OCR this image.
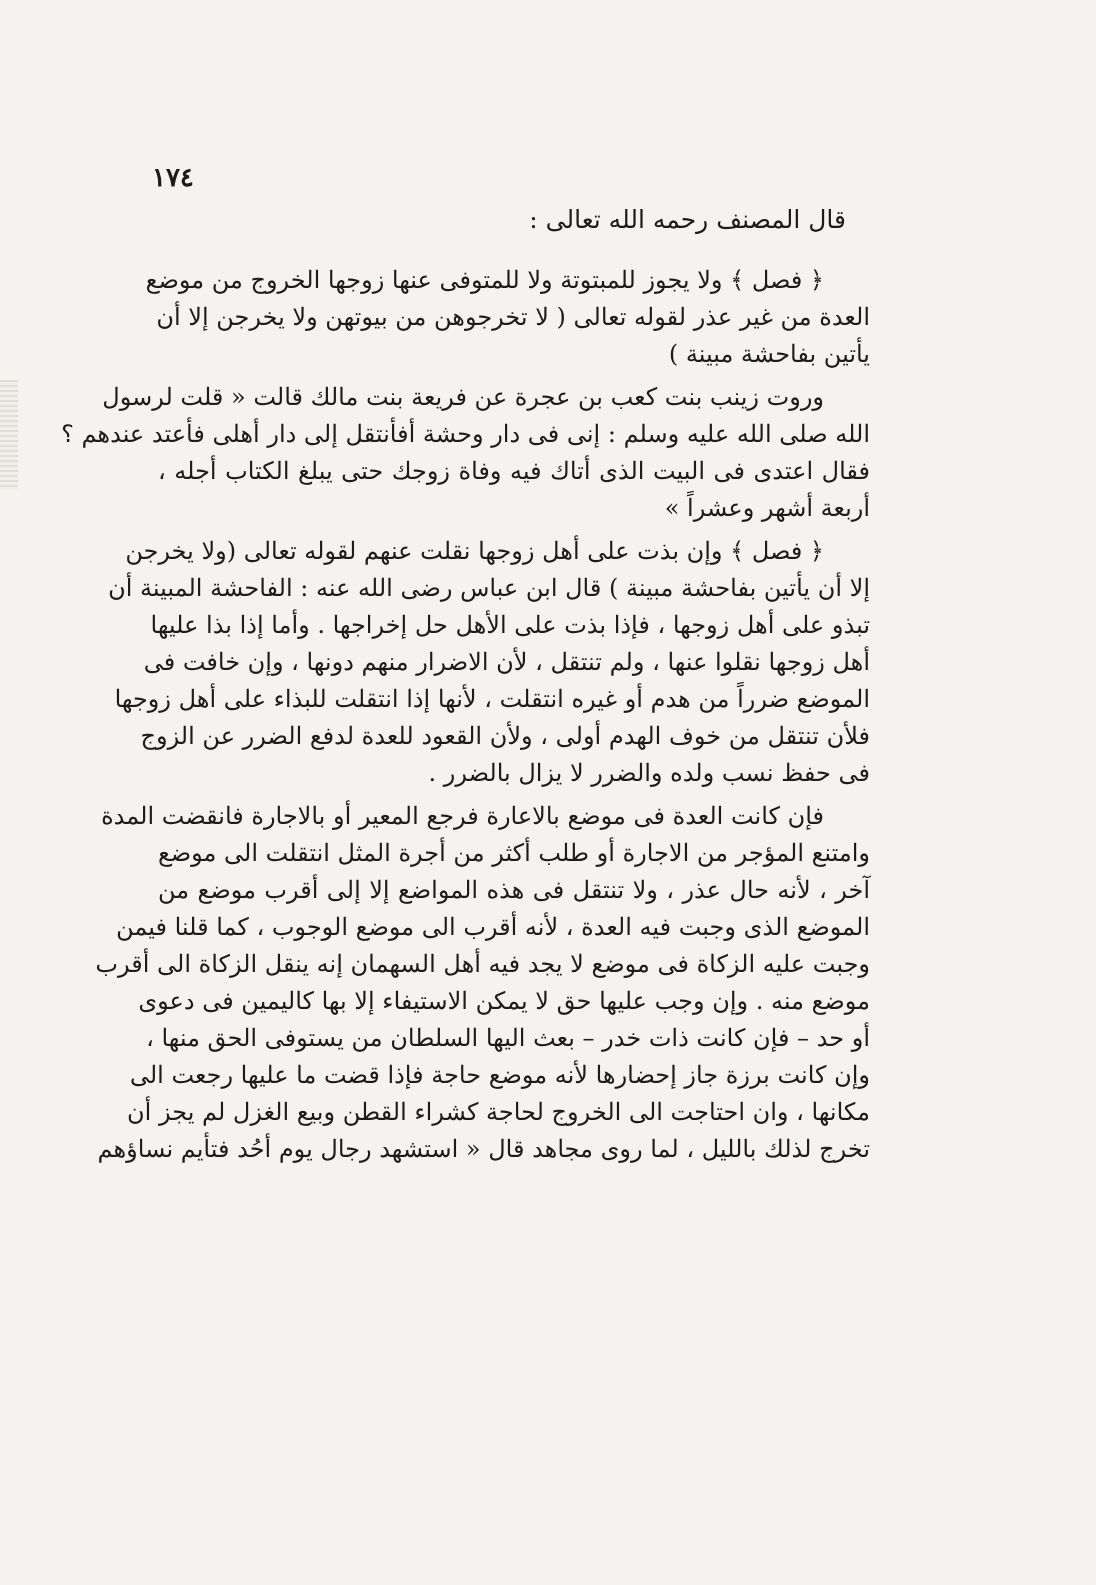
١٧٤
قال المصنف رحمه الله تعالى :
﴿ فصل ﴾ ولا يجوز للمبتوتة ولا للمتوفى عنها زوجها الخروج من موضع
العدة من غير عذر لقوله تعالى ( لا تخرجوهن من بيوتهن ولا يخرجن إلا أن
يأتين بفاحشة مبينة )
وروت زينب بنت كعب بن عجرة عن فريعة بنت مالك قالت « قلت لرسول
الله صلى الله عليه وسلم : إنى فى دار وحشة أفأنتقل إلى دار أهلى فأعتد عندهم ؟
فقال اعتدى فى البيت الذى أتاك فيه وفاة زوجك حتى يبلغ الكتاب أجله ،
أربعة أشهر وعشراً »
﴿ فصل ﴾ وإن بذت على أهل زوجها نقلت عنهم لقوله تعالى (ولا يخرجن
إلا أن يأتين بفاحشة مبينة ) قال ابن عباس رضى الله عنه : الفاحشة المبينة أن
تبذو على أهل زوجها ، فإذا بذت على الأهل حل إخراجها . وأما إذا بذا عليها
أهل زوجها نقلوا عنها ، ولم تنتقل ، لأن الاضرار منهم دونها ، وإن خافت فى
الموضع ضرراً من هدم أو غيره انتقلت ، لأنها إذا انتقلت للبذاء على أهل زوجها
فلأن تنتقل من خوف الهدم أولى ، ولأن القعود للعدة لدفع الضرر عن الزوج
فى حفظ نسب ولده والضرر لا يزال بالضرر .
فإن كانت العدة فى موضع بالاعارة فرجع المعير أو بالاجارة فانقضت المدة
وامتنع المؤجر من الاجارة أو طلب أكثر من أجرة المثل انتقلت الى موضع
آخر ، لأنه حال عذر ، ولا تنتقل فى هذه المواضع إلا إلى أقرب موضع من
الموضع الذى وجبت فيه العدة ، لأنه أقرب الى موضع الوجوب ، كما قلنا فيمن
وجبت عليه الزكاة فى موضع لا يجد فيه أهل السهمان إنه ينقل الزكاة الى أقرب
موضع منه . وإن وجب عليها حق لا يمكن الاستيفاء إلا بها كاليمين فى دعوى
أو حد – فإن كانت ذات خدر – بعث اليها السلطان من يستوفى الحق منها ،
وإن كانت برزة جاز إحضارها لأنه موضع حاجة فإذا قضت ما عليها رجعت الى
مكانها ، وان احتاجت الى الخروج لحاجة كشراء القطن وبيع الغزل لم يجز أن
تخرج لذلك بالليل ، لما روى مجاهد قال « استشهد رجال يوم أحُد فتأيم نساؤهم
